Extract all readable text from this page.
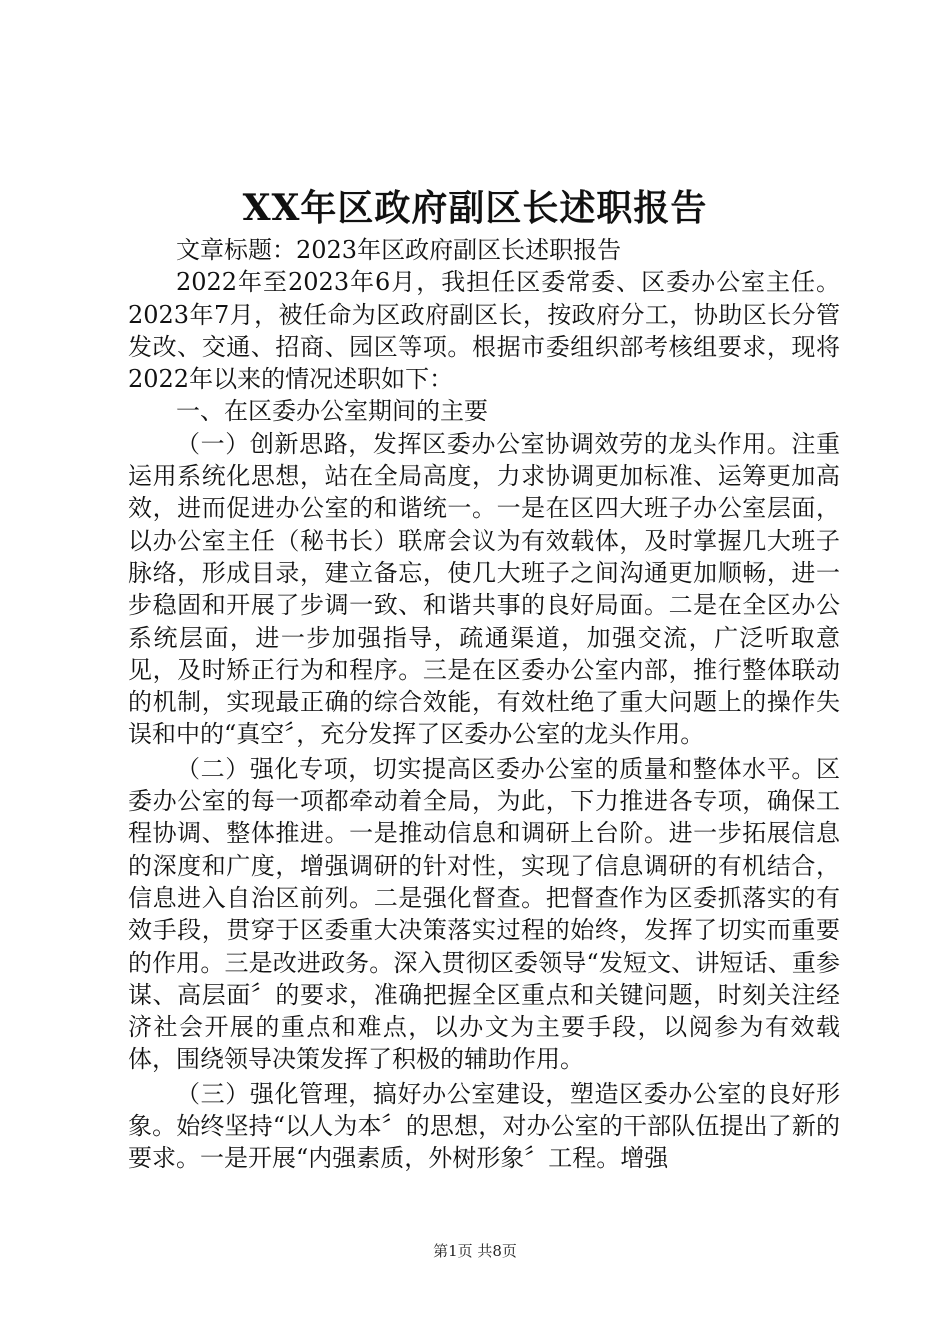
XX年区政府副区长述职报告

文章标题：2023年区政府副区长述职报告

2022年至2023年6月，我担任区委常委、区委办公室主任。2023年7月，被任命为区政府副区长，按政府分工，协助区长分管发改、交通、招商、园区等项。根据市委组织部考核组要求，现将2022年以来的情况述职如下：

一、在区委办公室期间的主要

（一）创新思路，发挥区委办公室协调效劳的龙头作用。注重运用系统化思想，站在全局高度，力求协调更加标准、运筹更加高效，进而促进办公室的和谐统一。一是在区四大班子办公室层面，以办公室主任（秘书长）联席会议为有效载体，及时掌握几大班子脉络，形成目录，建立备忘，使几大班子之间沟通更加顺畅，进一步稳固和开展了步调一致、和谐共事的良好局面。二是在全区办公系统层面，进一步加强指导，疏通渠道，加强交流，广泛听取意见，及时矫正行为和程序。三是在区委办公室内部，推行整体联动的机制，实现最正确的综合效能，有效杜绝了重大问题上的操作失误和中的“真空〞，充分发挥了区委办公室的龙头作用。

（二）强化专项，切实提高区委办公室的质量和整体水平。区委办公室的每一项都牵动着全局，为此，下力推进各专项，确保工程协调、整体推进。一是推动信息和调研上台阶。进一步拓展信息的深度和广度，增强调研的针对性，实现了信息调研的有机结合，信息进入自治区前列。二是强化督查。把督查作为区委抓落实的有效手段，贯穿于区委重大决策落实过程的始终，发挥了切实而重要的作用。三是改进政务。深入贯彻区委领导“发短文、讲短话、重参谋、高层面〞的要求，准确把握全区重点和关键问题，时刻关注经济社会开展的重点和难点，以办文为主要手段，以阅参为有效载体，围绕领导决策发挥了积极的辅助作用。

（三）强化管理，搞好办公室建设，塑造区委办公室的良好形象。始终坚持“以人为本〞的思想，对办公室的干部队伍提出了新的要求。一是开展“内强素质，外树形象〞工程。增强

第1页 共8页
